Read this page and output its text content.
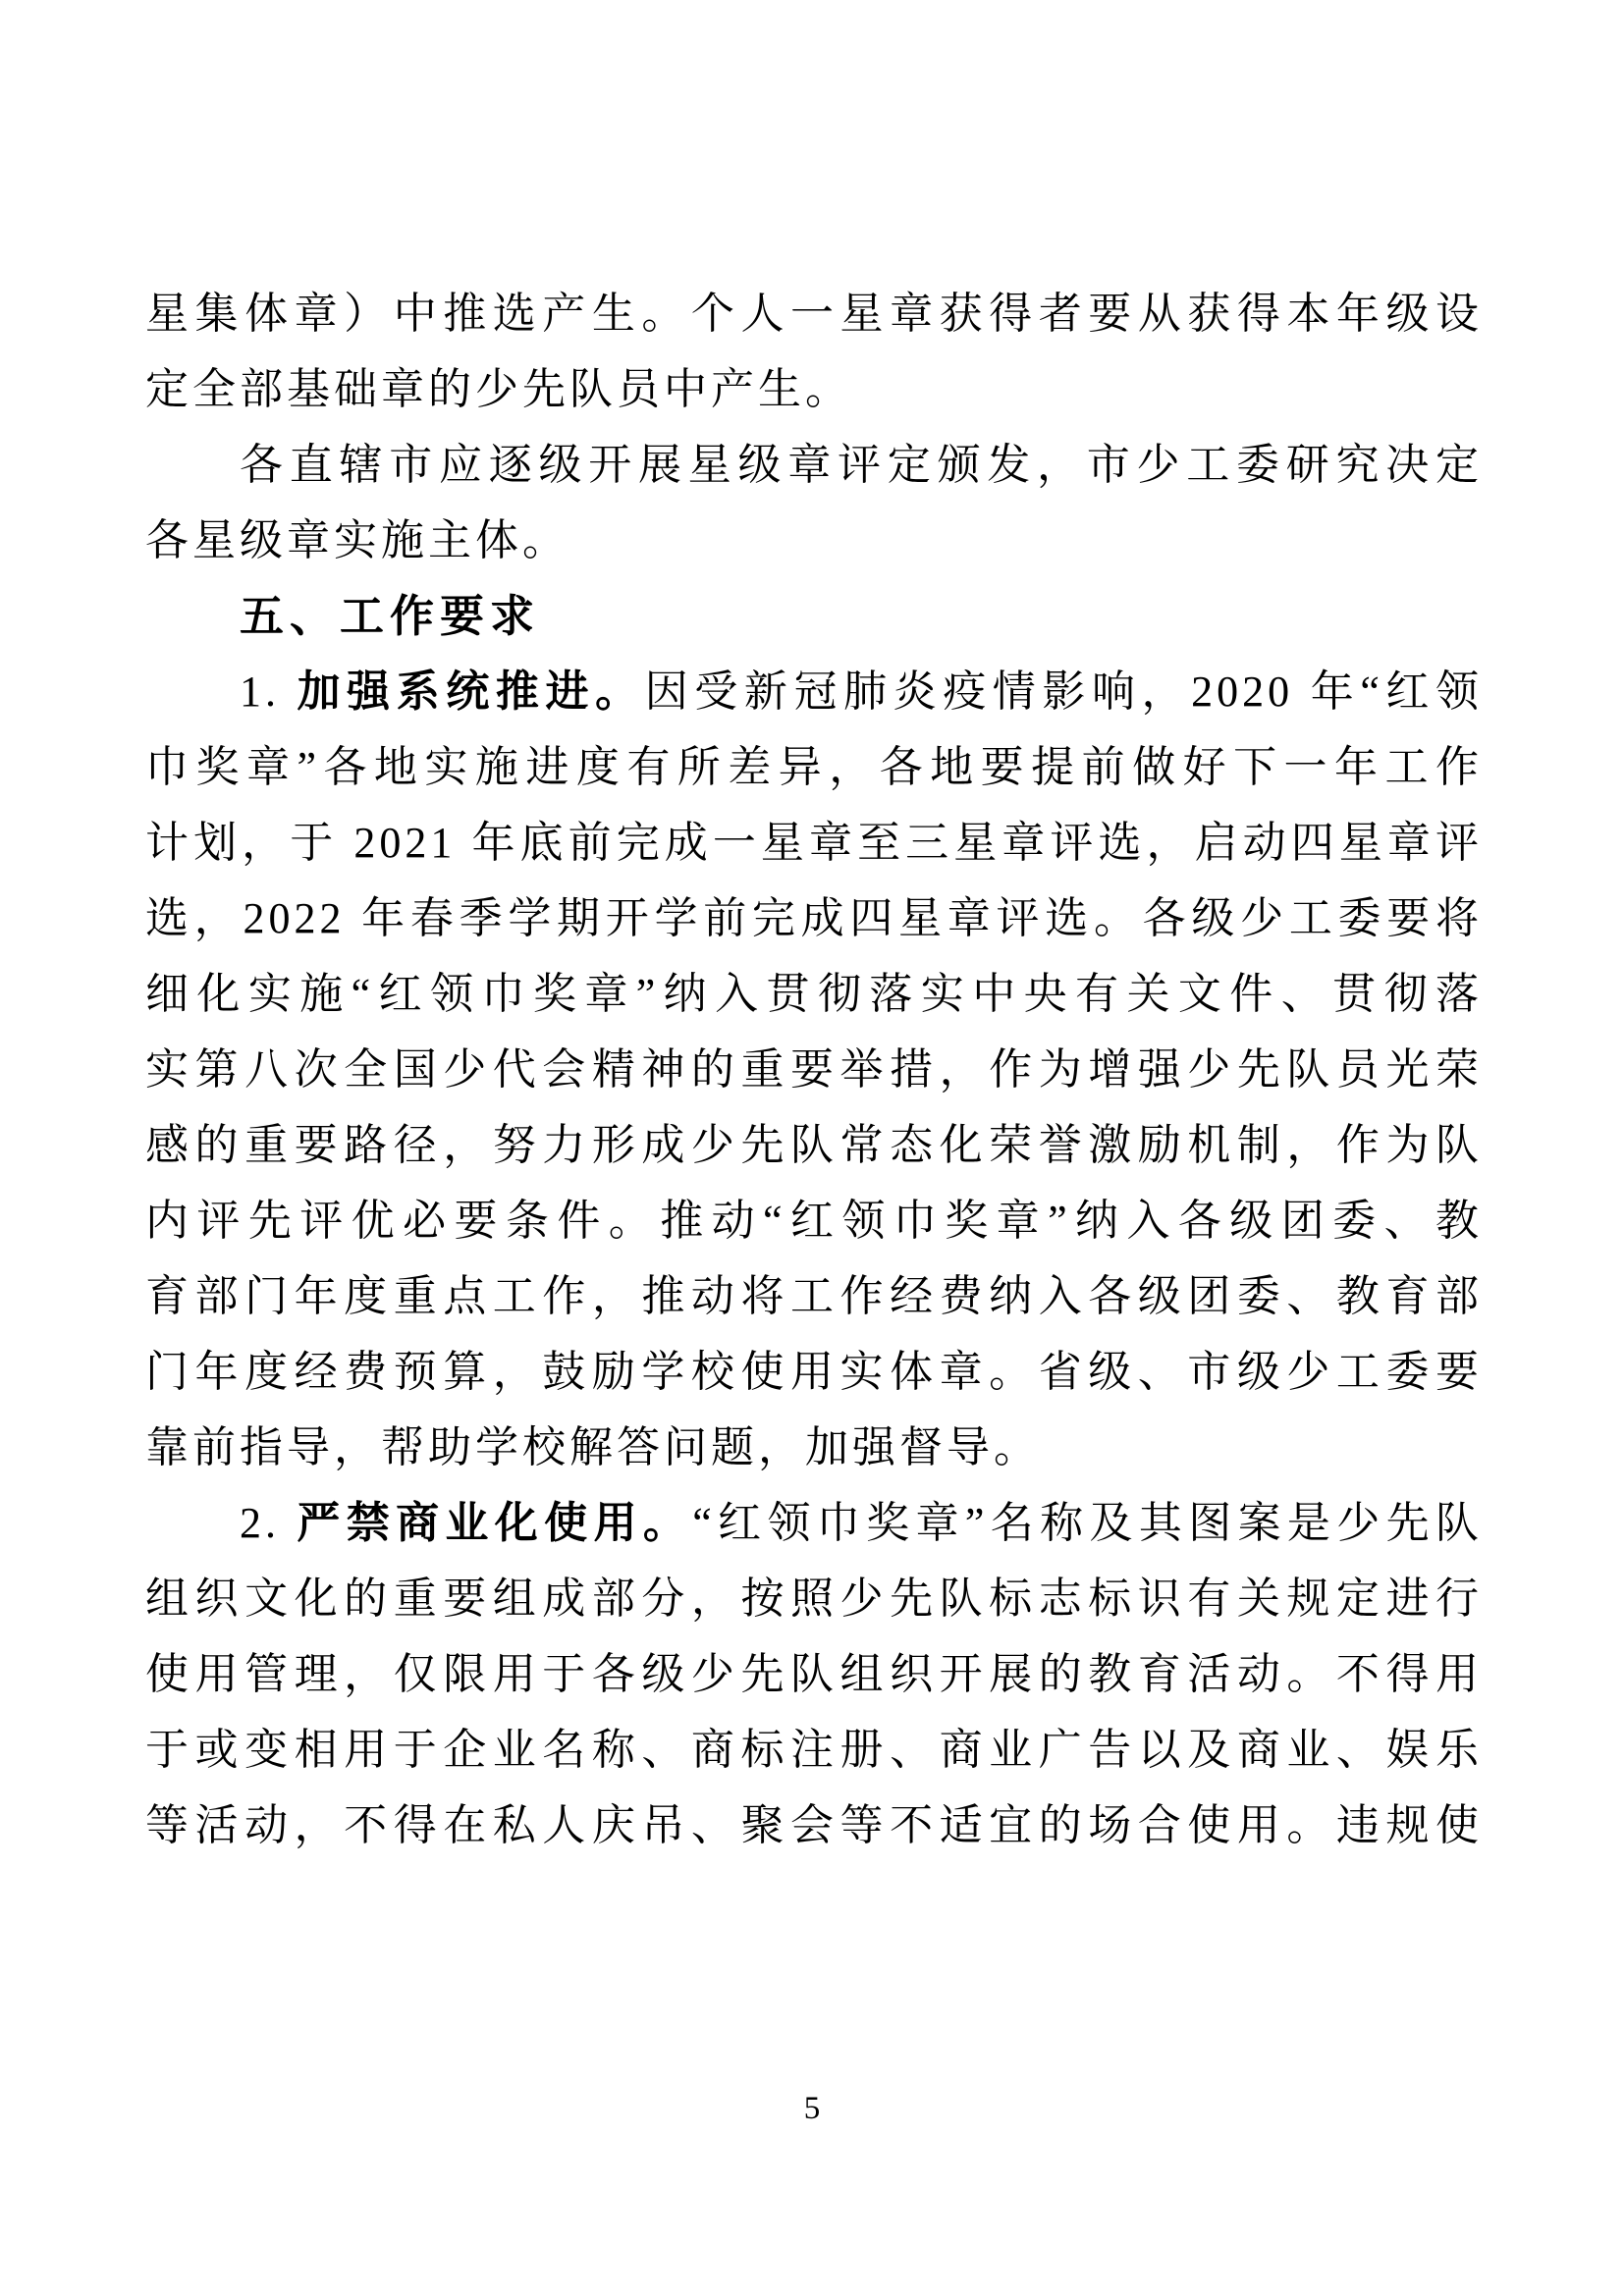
星集体章）中推选产生。个人一星章获得者要从获得本年级设
定全部基础章的少先队员中产生。
各直辖市应逐级开展星级章评定颁发，市少工委研究决定
各星级章实施主体。
五、工作要求
1. 加强系统推进。因受新冠肺炎疫情影响，2020 年“红领
巾奖章”各地实施进度有所差异，各地要提前做好下一年工作
计划，于 2021 年底前完成一星章至三星章评选，启动四星章评
选，2022 年春季学期开学前完成四星章评选。各级少工委要将
细化实施“红领巾奖章”纳入贯彻落实中央有关文件、贯彻落
实第八次全国少代会精神的重要举措，作为增强少先队员光荣
感的重要路径，努力形成少先队常态化荣誉激励机制，作为队
内评先评优必要条件。推动“红领巾奖章”纳入各级团委、教
育部门年度重点工作，推动将工作经费纳入各级团委、教育部
门年度经费预算，鼓励学校使用实体章。省级、市级少工委要
靠前指导，帮助学校解答问题，加强督导。
2. 严禁商业化使用。“红领巾奖章”名称及其图案是少先队
组织文化的重要组成部分，按照少先队标志标识有关规定进行
使用管理，仅限用于各级少先队组织开展的教育活动。不得用
于或变相用于企业名称、商标注册、商业广告以及商业、娱乐
等活动，不得在私人庆吊、聚会等不适宜的场合使用。违规使
5
